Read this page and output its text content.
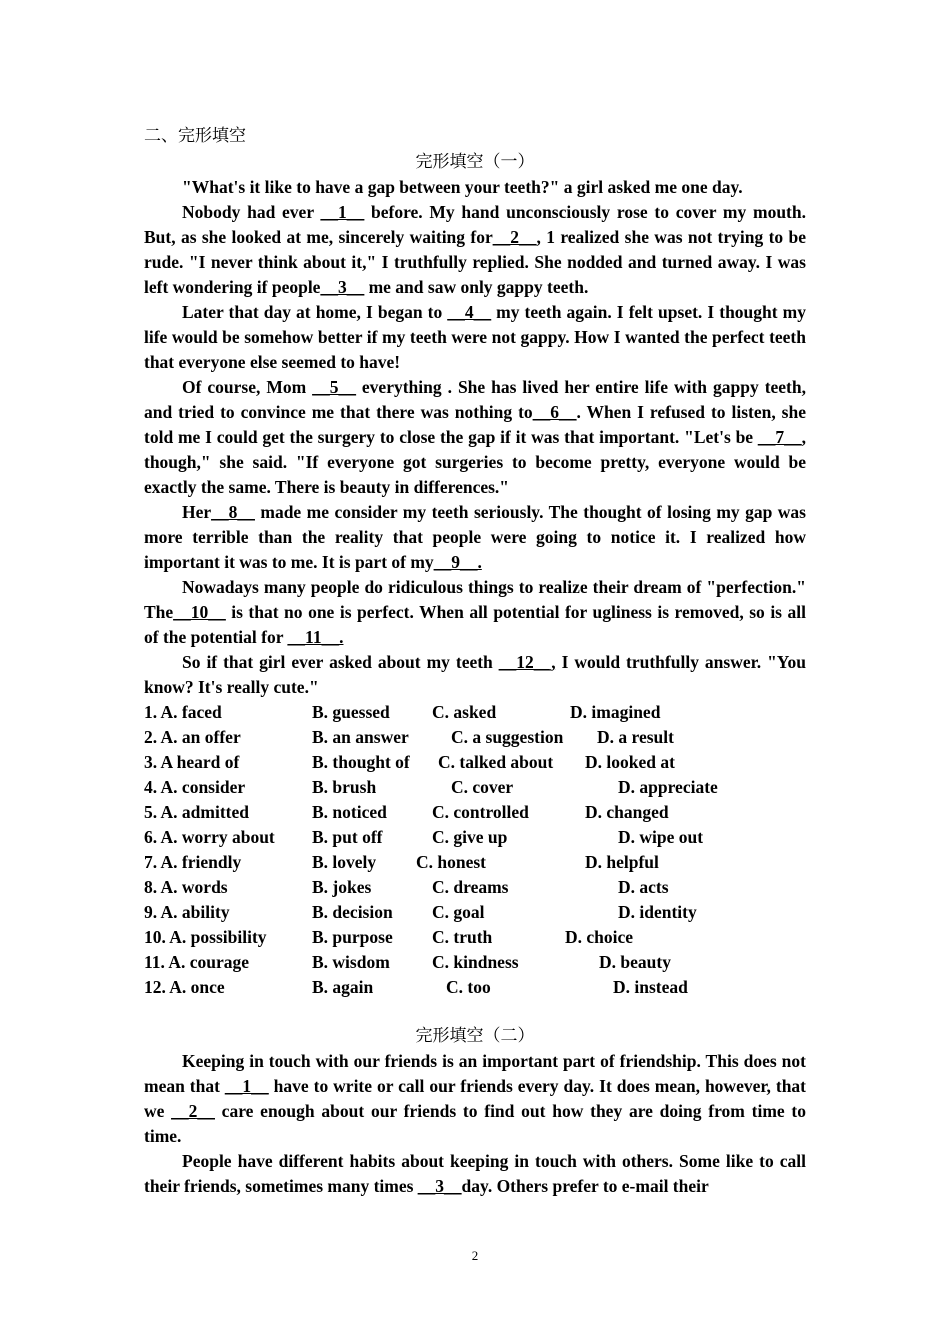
二、完形填空
完形填空（一）

"What's it like to have a gap between your teeth?" a girl asked me one day.

Nobody had ever __1__ before. My hand unconsciously rose to cover my mouth. But, as she looked at me, sincerely waiting for__2__, 1 realized she was not trying to be rude. "I never think about it," I truthfully replied. She nodded and turned away. I was left wondering if people__3__ me and saw only gappy teeth.

Later that day at home, I began to __4__ my teeth again. I felt upset. I thought my life would be somehow better if my teeth were not gappy. How I wanted the perfect teeth that everyone else seemed to have!

Of course, Mom __5__ everything . She has lived her entire life with gappy teeth, and tried to convince me that there was nothing to__6__. When I refused to listen, she told me I could get the surgery to close the gap if it was that important. "Let's be __7__, though," she said. "If everyone got surgeries to become pretty, everyone would be exactly the same. There is beauty in differences."

Her__8__ made me consider my teeth seriously. The thought of losing my gap was more terrible than the reality that people were going to notice it. I realized how important it was to me. It is part of my__9__.

Nowadays many people do ridiculous things to realize their dream of "perfection." The__10__ is that no one is perfect. When all potential for ugliness is removed, so is all of the potential for __11__.

So if that girl ever asked about my teeth __12__, I would truthfully answer. "You know? It's really cute."

1. A. faced	B. guessed C. asked	D. imagined
2. A. an offer	B. an answer C. a suggestion D. a result
3. A heard of	B. thought of C. talked about D. looked at
4. A. consider	B. brush	C. cover	D. appreciate
5. A. admitted	B. noticed	C. controlled	D. changed
6. A. worry about B. put off	C. give up	D. wipe out
7. A. friendly	B. lovely C. honest	D. helpful
8. A. words	B. jokes	C. dreams	D. acts
9. A. ability	B. decision C. goal	D. identity
10. A. possibility	B. purpose C. truth	D. choice
11. A. courage	B. wisdom C. kindness	D. beauty
12. A. once	B. again	C. too	D. instead
完形填空（二）

Keeping in touch with our friends is an important part of friendship. This does not mean that __1__ have to write or call our friends every day. It does mean, however, that we __2__ care enough about our friends to find out how they are doing from time to time.

People have different habits about keeping in touch with others. Some like to call their friends, sometimes many times __3__day. Others prefer to e-mail their

2
